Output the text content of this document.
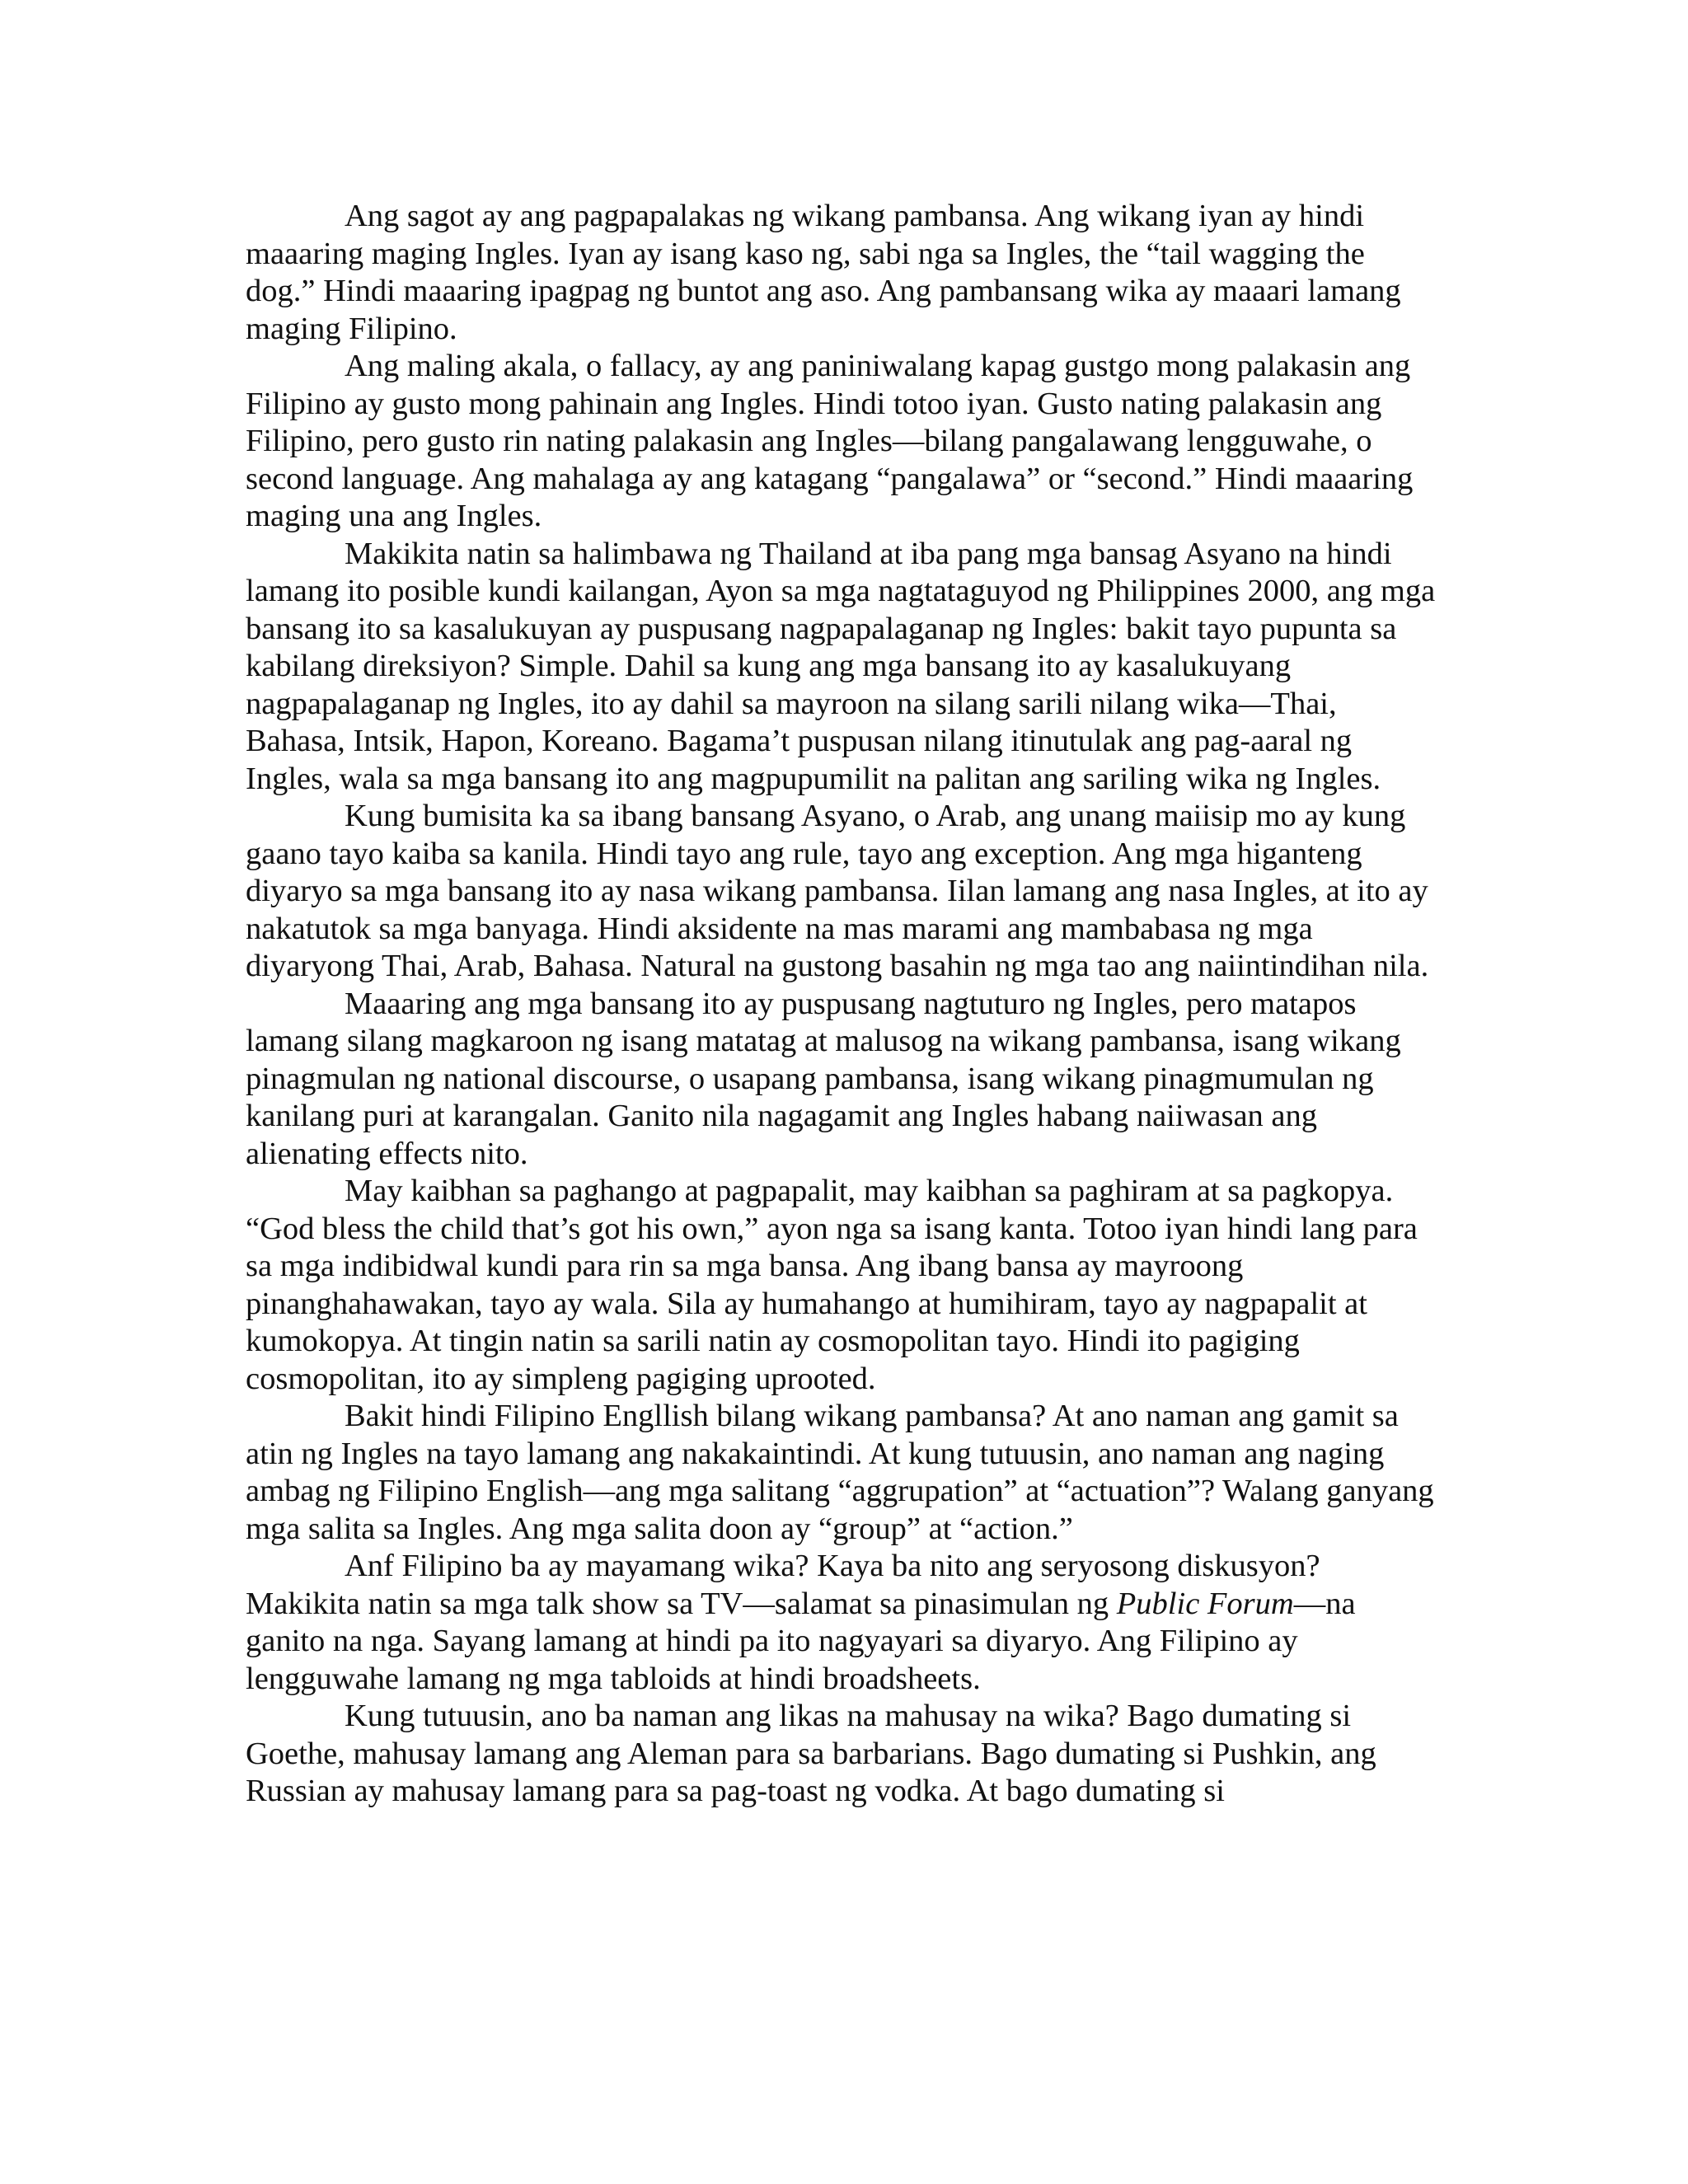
Ang sagot ay ang pagpapalakas ng wikang pambansa. Ang wikang iyan ay hindi maaaring maging Ingles. Iyan ay isang kaso ng, sabi nga sa Ingles, the “tail wagging the dog.” Hindi maaaring ipagpag ng buntot ang aso. Ang pambansang wika ay maaari lamang maging Filipino.

Ang maling akala, o fallacy, ay ang paniniwalang kapag gustgo mong palakasin ang Filipino ay gusto mong pahinain ang Ingles. Hindi totoo iyan. Gusto nating palakasin ang Filipino, pero gusto rin nating palakasin ang Ingles—bilang pangalawang lengguwahe, o second language. Ang mahalaga ay ang katagang “pangalawa” or “second.” Hindi maaaring maging una ang Ingles.

Makikita natin sa halimbawa ng Thailand at iba pang mga bansag Asyano na hindi lamang ito posible kundi kailangan, Ayon sa mga nagtataguyod ng Philippines 2000, ang mga bansang ito sa kasalukuyan ay puspusang nagpapalaganap ng Ingles: bakit tayo pupunta sa kabilang direksiyon? Simple. Dahil sa kung ang mga bansang ito ay kasalukuyang nagpapalaganap ng Ingles, ito ay dahil sa mayroon na silang sarili nilang wika—Thai, Bahasa, Intsik, Hapon, Koreano. Bagama’t puspusan nilang itinutulak ang pag-aaral ng Ingles, wala sa mga bansang ito ang magpupumilit na palitan ang sariling wika ng Ingles.

Kung bumisita ka sa ibang bansang Asyano, o Arab, ang unang maiisip mo ay kung gaano tayo kaiba sa kanila. Hindi tayo ang rule, tayo ang exception. Ang mga higanteng diyaryo sa mga bansang ito ay nasa wikang pambansa. Iilan lamang ang nasa Ingles, at ito ay nakatutok sa mga banyaga. Hindi aksidente na mas marami ang mambabasa ng mga diyaryong Thai, Arab, Bahasa. Natural na gustong basahin ng mga tao ang naiintindihan nila.

Maaaring ang mga bansang ito ay puspusang nagtuturo ng Ingles, pero matapos lamang silang magkaroon ng isang matatag at malusog na wikang pambansa, isang wikang pinagmulan ng national discourse, o usapang pambansa, isang wikang pinagmumulan ng kanilang puri at karangalan. Ganito nila nagagamit ang Ingles habang naiiwasan ang alienating effects nito.

May kaibhan sa paghango at pagpapalit, may kaibhan sa paghiram at sa pagkopya. “God bless the child that’s got his own,” ayon nga sa isang kanta. Totoo iyan hindi lang para sa mga indibidwal kundi para rin sa mga bansa. Ang ibang bansa ay mayroong pinanghahawakan, tayo ay wala. Sila ay humahango at humihiram, tayo ay nagpapalit at kumokopya. At tingin natin sa sarili natin ay cosmopolitan tayo. Hindi ito pagiging cosmopolitan, ito ay simpleng pagiging uprooted.

Bakit hindi Filipino Engllish bilang wikang pambansa? At ano naman ang gamit sa atin ng Ingles na tayo lamang ang nakakaintindi. At kung tutuusin, ano naman ang naging ambag ng Filipino English—ang mga salitang “aggrupation” at “actuation”? Walang ganyang mga salita sa Ingles. Ang mga salita doon ay “group” at “action.”

Anf Filipino ba ay mayamang wika? Kaya ba nito ang seryosong diskusyon? Makikita natin sa mga talk show sa TV—salamat sa pinasimulan ng Public Forum—na ganito na nga. Sayang lamang at hindi pa ito nagyayari sa diyaryo. Ang Filipino ay lengguwahe lamang ng mga tabloids at hindi broadsheets.

Kung tutuusin, ano ba naman ang likas na mahusay na wika? Bago dumating si Goethe, mahusay lamang ang Aleman para sa barbarians. Bago dumating si Pushkin, ang Russian ay mahusay lamang para sa pag-toast ng vodka. At bago dumating si
